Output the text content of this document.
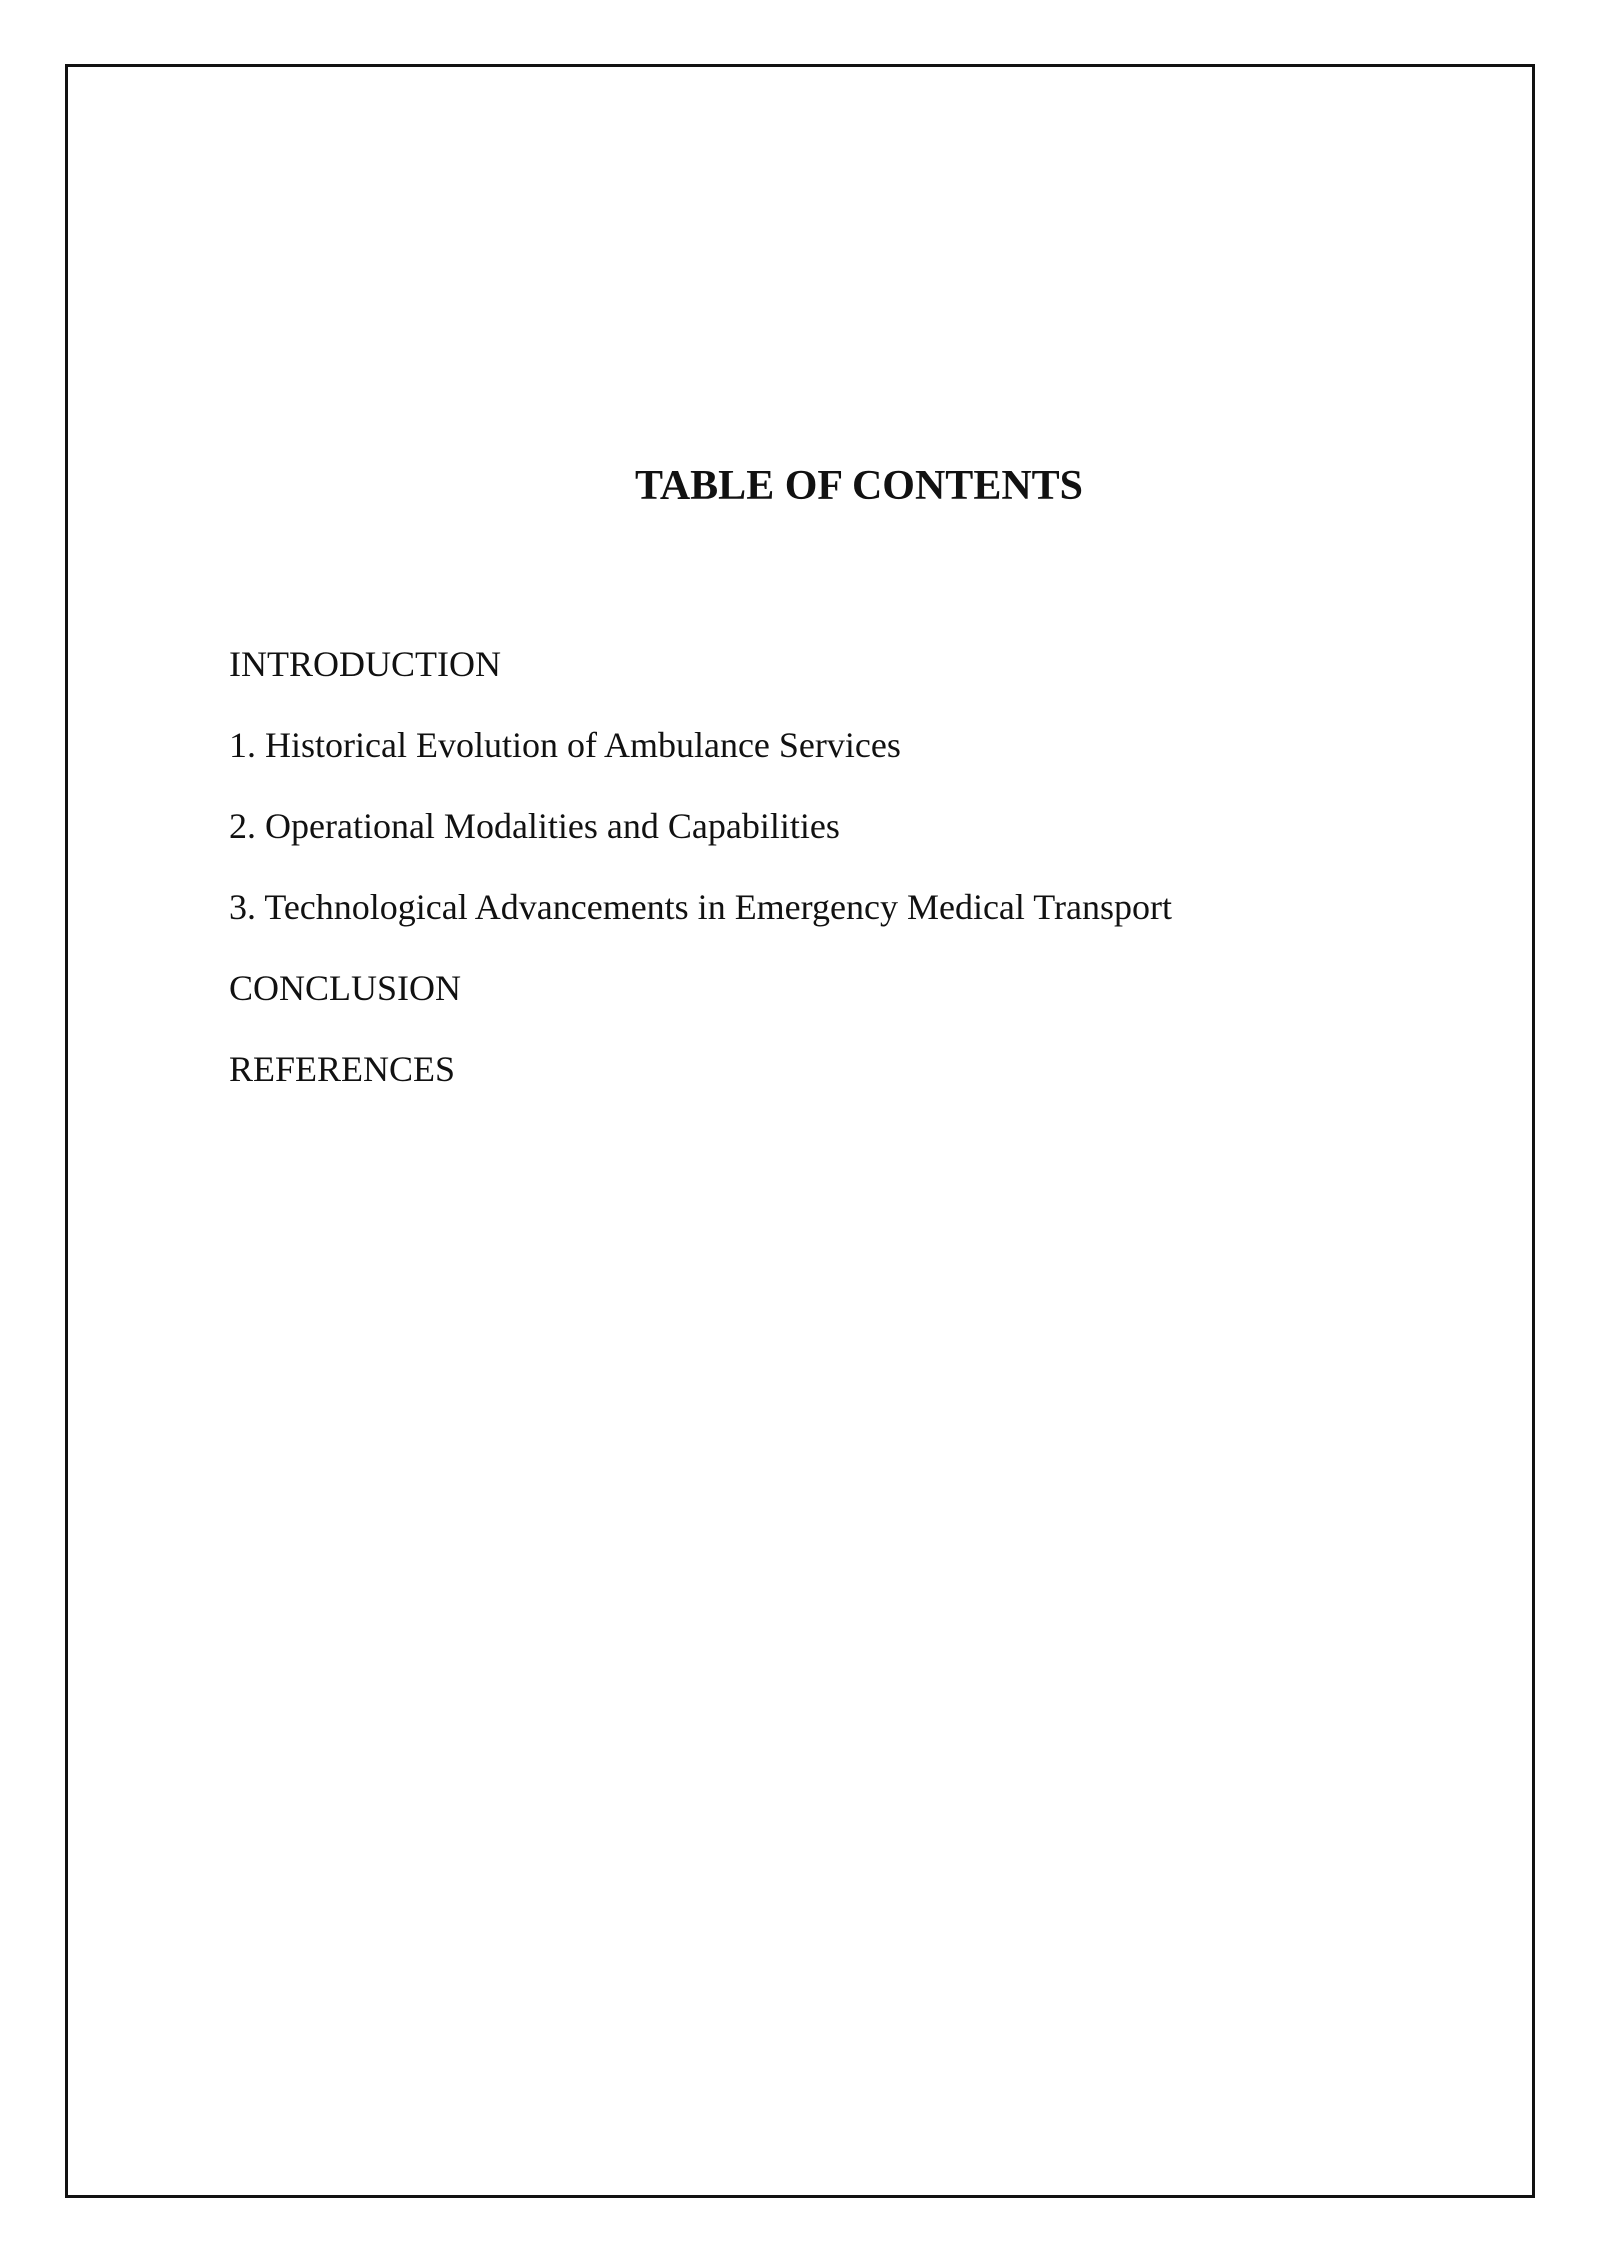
TABLE OF CONTENTS
INTRODUCTION
1. Historical Evolution of Ambulance Services
2. Operational Modalities and Capabilities
3. Technological Advancements in Emergency Medical Transport
CONCLUSION
REFERENCES
